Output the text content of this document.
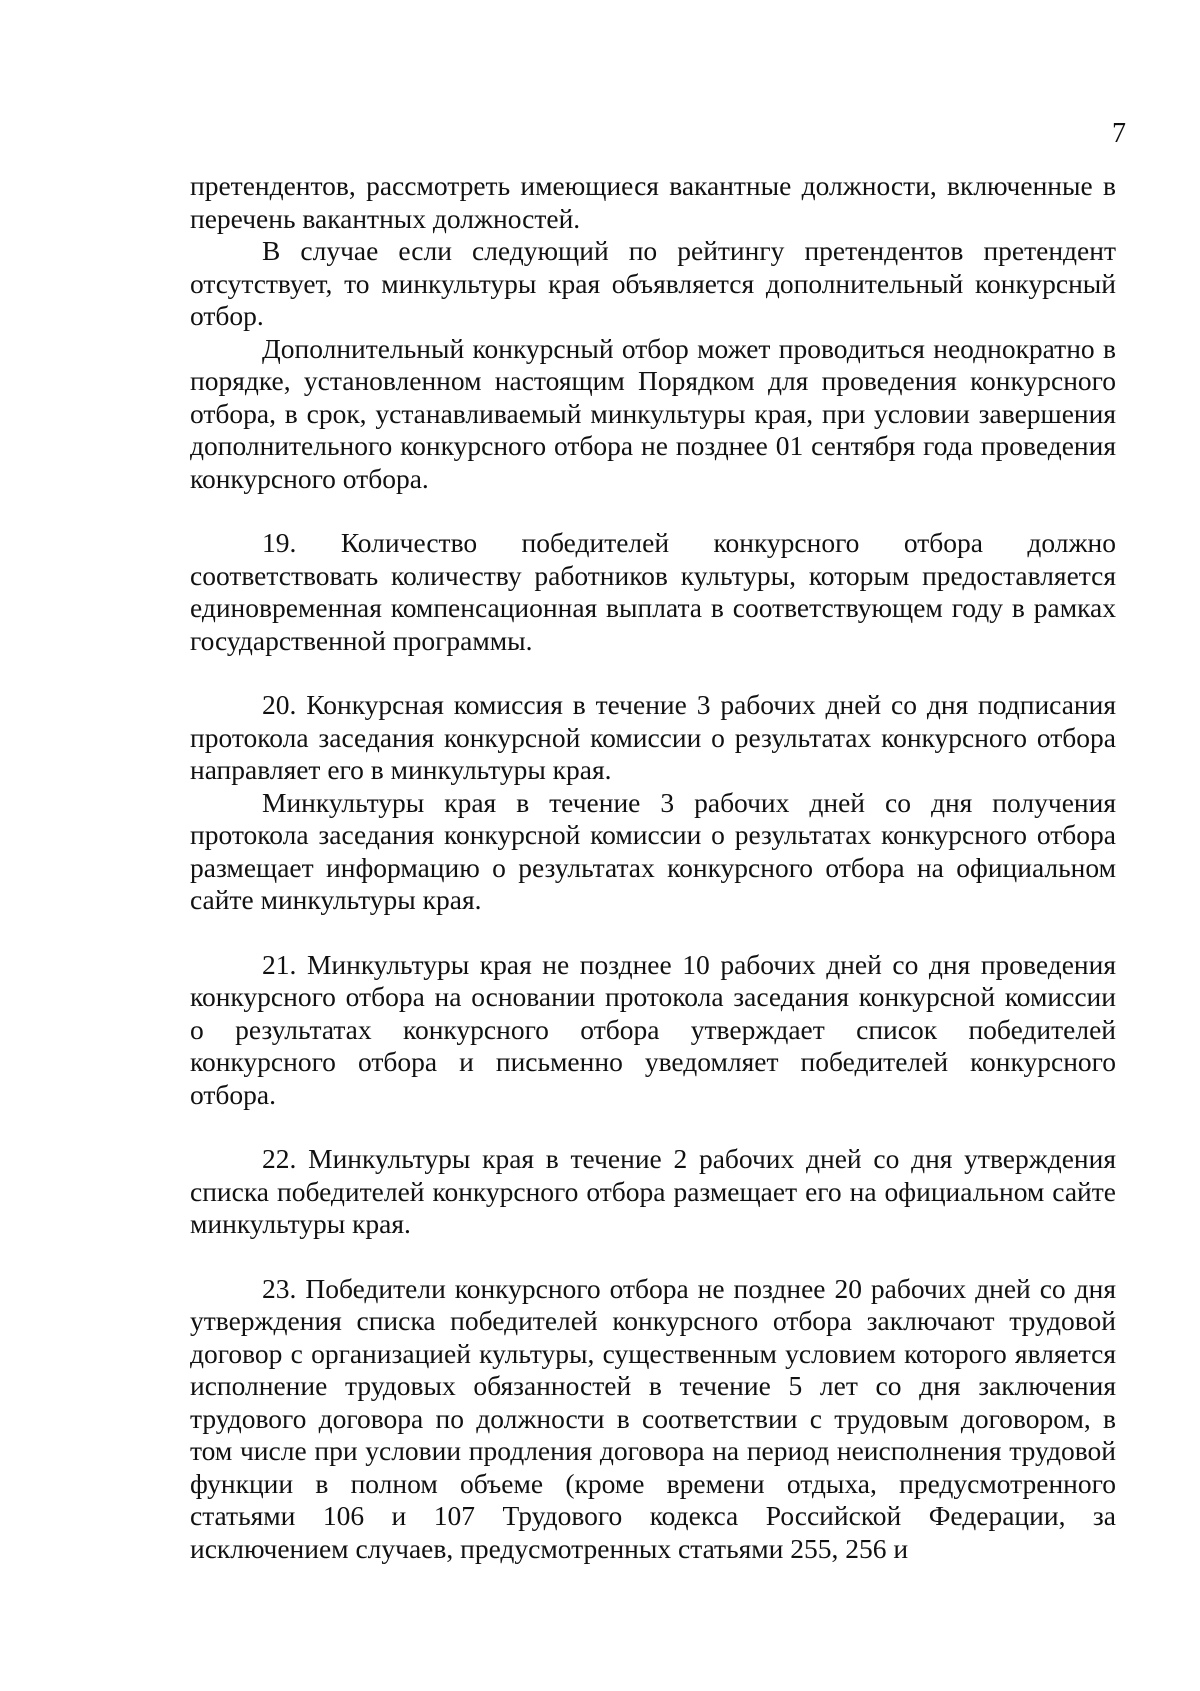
7

претендентов, рассмотреть имеющиеся вакантные должности, включенные в перечень вакантных должностей.

В случае если следующий по рейтингу претендентов претендент отсутствует, то минкультуры края объявляется дополнительный конкурсный отбор.

Дополнительный конкурсный отбор может проводиться неоднократно в порядке, установленном настоящим Порядком для проведения конкурсного отбора, в срок, устанавливаемый минкультуры края, при условии завершения дополнительного конкурсного отбора не позднее 01 сентября года проведения конкурсного отбора.

19. Количество победителей конкурсного отбора должно соответствовать количеству работников культуры, которым предоставляется единовременная компенсационная выплата в соответствующем году в рамках государственной программы.

20. Конкурсная комиссия в течение 3 рабочих дней со дня подписания протокола заседания конкурсной комиссии о результатах конкурсного отбора направляет его в минкультуры края.

Минкультуры края в течение 3 рабочих дней со дня получения протокола заседания конкурсной комиссии о результатах конкурсного отбора размещает информацию о результатах конкурсного отбора на официальном сайте минкультуры края.

21. Минкультуры края не позднее 10 рабочих дней со дня проведения конкурсного отбора на основании протокола заседания конкурсной комиссии о результатах конкурсного отбора утверждает список победителей конкурсного отбора и письменно уведомляет победителей конкурсного отбора.

22. Минкультуры края в течение 2 рабочих дней со дня утверждения списка победителей конкурсного отбора размещает его на официальном сайте минкультуры края.

23. Победители конкурсного отбора не позднее 20 рабочих дней со дня утверждения списка победителей конкурсного отбора заключают трудовой договор с организацией культуры, существенным условием которого является исполнение трудовых обязанностей в течение 5 лет со дня заключения трудового договора по должности в соответствии с трудовым договором, в том числе при условии продления договора на период неисполнения трудовой функции в полном объеме (кроме времени отдыха, предусмотренного статьями 106 и 107 Трудового кодекса Российской Федерации, за исключением случаев, предусмотренных статьями 255, 256 и
